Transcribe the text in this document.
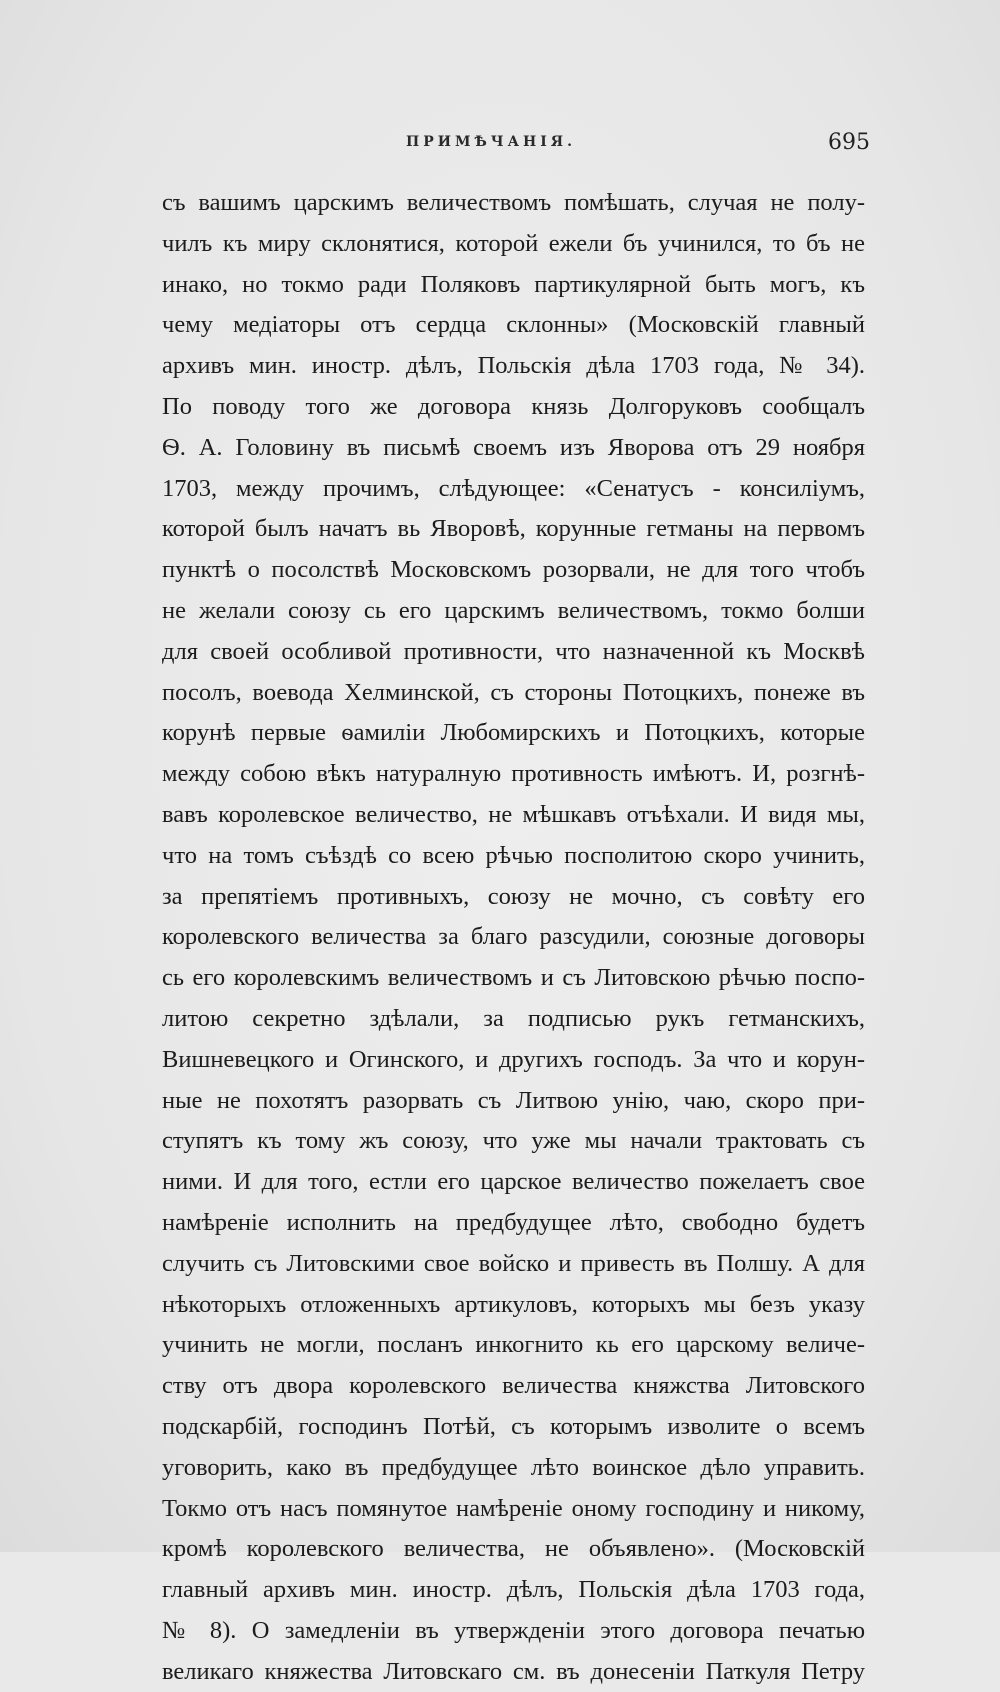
ПРИМѢЧАНІЯ.	695
съ вашимъ царскимъ величествомъ помѣшать, случая не полу-
чилъ къ миру склонятися, которой ежели бъ учинился, то бъ не
инако, но токмо ради Поляковъ партикулярной быть могъ, къ
чему медіаторы отъ сердца склонны» (Московскій главный
архивъ мин. иностр. дѣлъ, Польскія дѣла 1703 года, № 34).
По поводу того же договора князь Долгоруковъ сообщалъ
Ѳ. А. Головину въ письмѣ своемъ изъ Яворова отъ 29 ноября
1703, между прочимъ, слѣдующее: «Сенатусъ - консиліумъ,
которой былъ начатъ вь Яворовѣ, корунные гетманы на первомъ
пунктѣ о посолствѣ Московскомъ розорвали, не для того чтобъ
не желали союзу сь его царскимъ величествомъ, токмо болши
для своей особливой противности, что назначенной къ Москвѣ
посолъ, воевода Хелминской, съ стороны Потоцкихъ, понеже въ
корунѣ первые ѳамиліи Любомирскихъ и Потоцкихъ, которые
между собою вѣкъ натуралную противность имѣютъ. И, розгнѣ-
вавъ королевское величество, не мѣшкавъ отъѣхали. И видя мы,
что на томъ съѣздѣ со всею рѣчью посполитою скоро учинить,
за препятіемъ противныхъ, союзу не мочно, съ совѣту его
королевского величества за благо разсудили, союзные договоры
сь его королевскимъ величествомъ и съ Литовскою рѣчью поспо-
литою секретно здѣлали, за подписью рукъ гетманскихъ,
Вишневецкого и Огинского, и другихъ господъ. За что и корун-
ные не похотятъ разорвать съ Литвою унію, чаю, скоро при-
ступятъ къ тому жъ союзу, что уже мы начали трактовать съ
ними. И для того, естли его царское величество пожелаетъ свое
намѣреніе исполнить на предбудущее лѣто, свободно будетъ
случить съ Литовскими свое войско и привесть въ Полшу. А для
нѣкоторыхъ отложенныхъ артикуловъ, которыхъ мы безъ указу
учинить не могли, посланъ инкогнито кь его царскому величе-
ству отъ двора королевского величества княжства Литовского
подскарбій, господинъ Потѣй, съ которымъ изволите о всемъ
уговорить, како въ предбудущее лѣто воинское дѣло управить.
Токмо отъ насъ помянутое намѣреніе оному господину и никому,
кромѣ королевского величества, не объявлено». (Московскій
главный архивъ мин. иностр. дѣлъ, Польскія дѣла 1703 года,
№ 8). О замедленіи въ утвержденіи этого договора печатью
великаго княжества Литовскаго см. въ донесеніи Паткуля Петру
